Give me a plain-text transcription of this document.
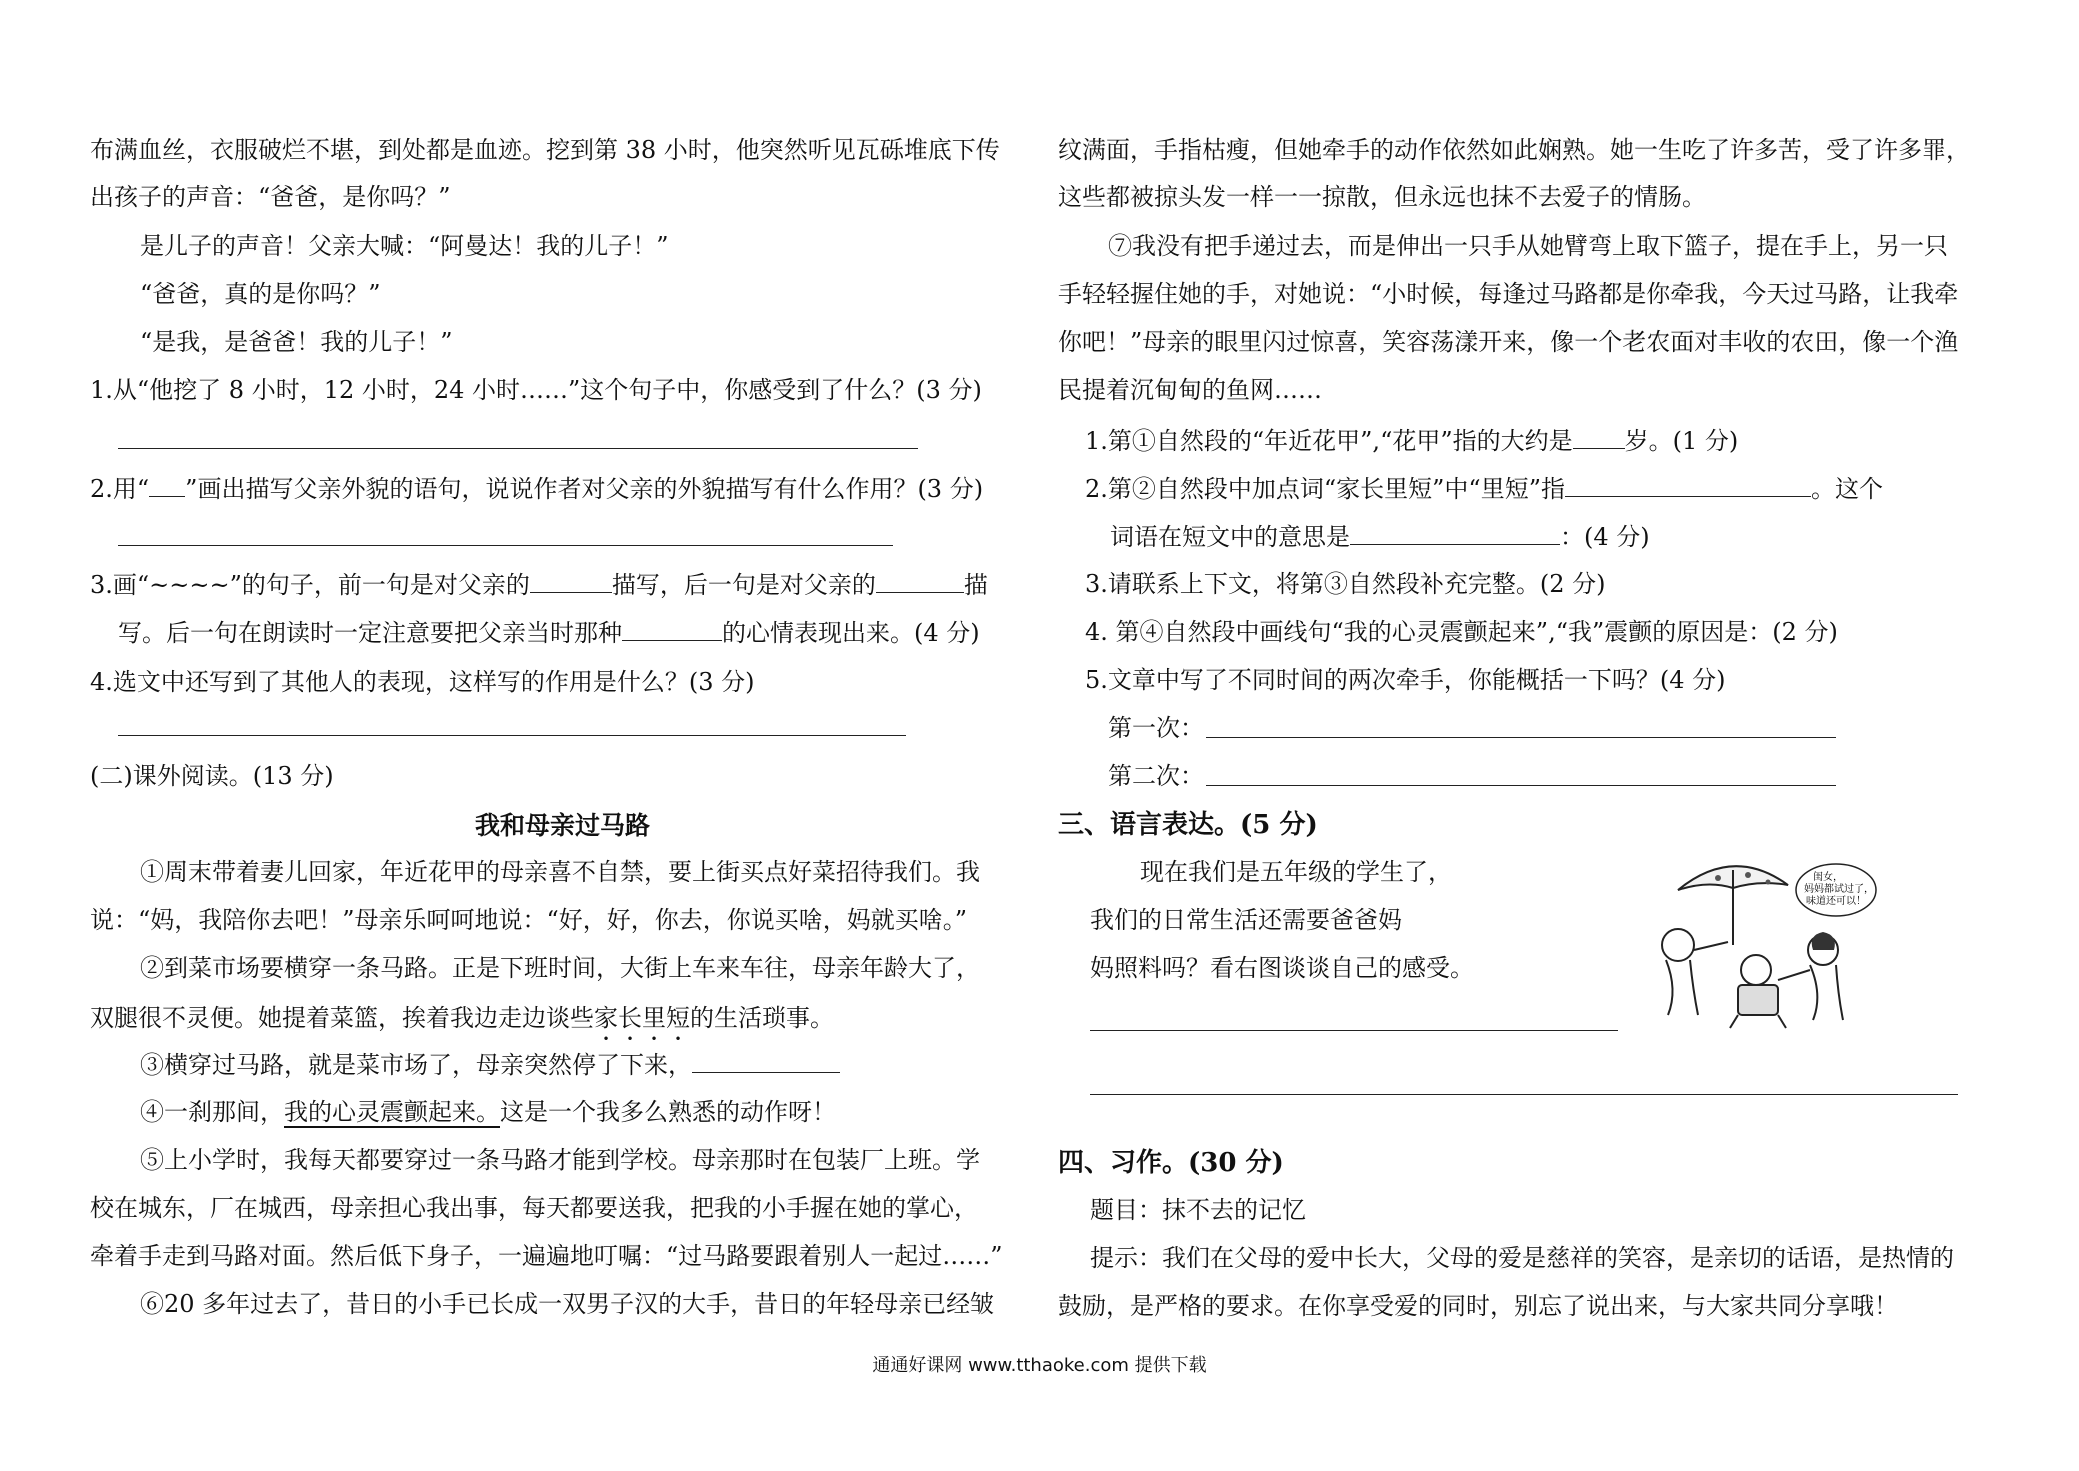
布满血丝，衣服破烂不堪，到处都是血迹。挖到第 38 小时，他突然听见瓦砾堆底下传
出孩子的声音：“爸爸，是你吗？”
是儿子的声音！父亲大喊：“阿曼达！我的儿子！”
“爸爸，真的是你吗？”
“是我，是爸爸！我的儿子！”
1.从“他挖了 8 小时，12 小时，24 小时……”这个句子中，你感受到了什么？(3 分)
2.用“ ”画出描写父亲外貌的语句，说说作者对父亲的外貌描写有什么作用？(3 分)
3.画“~~~~”的句子，前一句是对父亲的	描写，后一句是对父亲的	描
写。后一句在朗读时一定注意要把父亲当时那种	的心情表现出来。(4 分)
4.选文中还写到了其他人的表现，这样写的作用是什么？(3 分)
(二)课外阅读。(13 分)
我和母亲过马路
①周末带着妻儿回家，年近花甲的母亲喜不自禁，要上街买点好菜招待我们。我
说：“妈，我陪你去吧！”母亲乐呵呵地说：“好，好，你去，你说买啥，妈就买啥。”
②到菜市场要横穿一条马路。正是下班时间，大街上车来车往，母亲年龄大了，
双腿很不灵便。她提着菜篮，挨着我边走边谈些家长里短的生活琐事。
③横穿过马路，就是菜市场了，母亲突然停了下来，
④一刹那间，我的心灵震颤起来。这是一个我多么熟悉的动作呀！
⑤上小学时，我每天都要穿过一条马路才能到学校。母亲那时在包装厂上班。学
校在城东，厂在城西，母亲担心我出事，每天都要送我，把我的小手握在她的掌心，
牵着手走到马路对面。然后低下身子，一遍遍地叮嘱：“过马路要跟着别人一起过……”
⑥20 多年过去了，昔日的小手已长成一双男子汉的大手，昔日的年轻母亲已经皱
纹满面，手指枯瘦，但她牵手的动作依然如此娴熟。她一生吃了许多苦，受了许多罪，
这些都被掠头发一样一一掠散，但永远也抹不去爱子的情肠。
⑦我没有把手递过去，而是伸出一只手从她臂弯上取下篮子，提在手上，另一只
手轻轻握住她的手，对她说：“小时候，每逢过马路都是你牵我，今天过马路，让我牵
你吧！”母亲的眼里闪过惊喜，笑容荡漾开来，像一个老农面对丰收的农田，像一个渔
民提着沉甸甸的鱼网……
1.第①自然段的“年近花甲”,“花甲”指的大约是 岁。(1 分)
2.第②自然段中加点词“家长里短”中“里短”指	。这个
词语在短文中的意思是	：(4 分)
3.请联系上下文，将第③自然段补充完整。(2 分)
4. 第④自然段中画线句“我的心灵震颤起来”,“我”震颤的原因是：(2 分)
5.文章中写了不同时间的两次牵手，你能概括一下吗？(4 分)
第一次：
第二次：
三、语言表达。(5 分)
现在我们是五年级的学生了，
我们的日常生活还需要爸爸妈
妈照料吗？看右图谈谈自己的感受。
闺女，
妈妈都试过了，
味道还可以！
四、习作。(30 分)
题目：抹不去的记忆
提示：我们在父母的爱中长大，父母的爱是慈祥的笑容，是亲切的话语，是热情的
鼓励，是严格的要求。在你享受爱的同时，别忘了说出来，与大家共同分享哦！
通通好课网 www.tthaoke.com 提供下载
